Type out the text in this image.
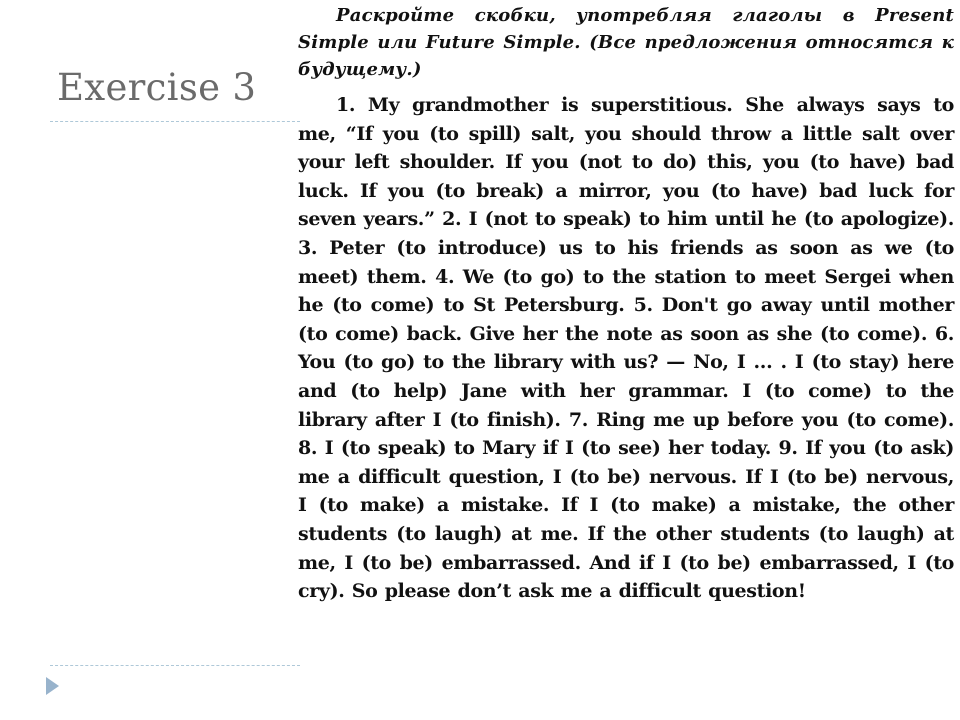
Exercise 3

Раскройте скобки, употребляя глаголы в Present Simple или Future Simple. (Все предложения относятся к будущему.)

1. My grandmother is superstitious. She always says to me, “If you (to spill) salt, you should throw a little salt over your left shoulder. If you (not to do) this, you (to have) bad luck. If you (to break) a mirror, you (to have) bad luck for seven years.” 2. I (not to speak) to him until he (to apologize). 3. Peter (to introduce) us to his friends as soon as we (to meet) them. 4. We (to go) to the station to meet Sergei when he (to come) to St Petersburg. 5. Don't go away until mother (to come) back. Give her the note as soon as she (to come). 6. You (to go) to the library with us? — No, I ... . I (to stay) here and (to help) Jane with her grammar. I (to come) to the library after I (to finish). 7. Ring me up before you (to come). 8. I (to speak) to Mary if I (to see) her today. 9. If you (to ask) me a difficult question, I (to be) nervous. If I (to be) nervous, I (to make) a mistake. If I (to make) a mistake, the other students (to laugh) at me. If the other students (to laugh) at me, I (to be) embarrassed. And if I (to be) embarrassed, I (to cry). So please don’t ask me a difficult question!
